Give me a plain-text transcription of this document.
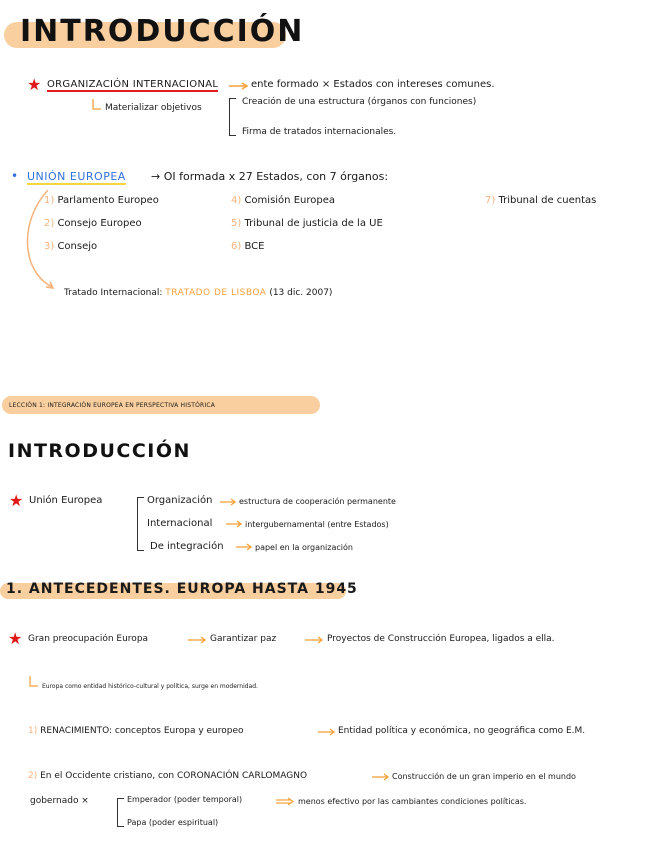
INTRODUCCIÓN
★ ORGANIZACIÓN INTERNACIONAL	ente formado × Estados con intereses comunes.
Materializar objetivos
Creación de una estructura (órganos con funciones)
Firma de tratados internacionales.
• UNIÓN EUROPEA → OI formada x 27 Estados, con 7 órganos:
1) Parlamento Europeo
2) Consejo Europeo
3) Consejo
4) Comisión Europea
5) Tribunal de justicia de la UE
6) BCE
7) Tribunal de cuentas
Tratado Internacional: TRATADO DE LISBOA (13 dic. 2007)
LECCIÓN 1: INTEGRACIÓN EUROPEA EN PERSPECTIVA HISTÓRICA
INTRODUCCIÓN
★ Unión Europea	Organización	estructura de cooperación permanente
Internacional	intergubernamental (entre Estados)
De integración	papel en la organización
1. ANTECEDENTES. EUROPA HASTA 1945
★ Gran preocupación Europa	Garantizar paz	Proyectos de Construcción Europea, ligados a ella.
Europa como entidad histórico-cultural y política, surge en modernidad.
1) RENACIMIENTO: conceptos Europa y europeo	Entidad política y económica, no geográfica como E.M.
2) En el Occidente cristiano, con CORONACIÓN CARLOMAGNO	Construcción de un gran imperio en el mundo
gobernado ×	Emperador (poder temporal)	menos efectivo por las cambiantes condiciones políticas.
Papa (poder espiritual)
